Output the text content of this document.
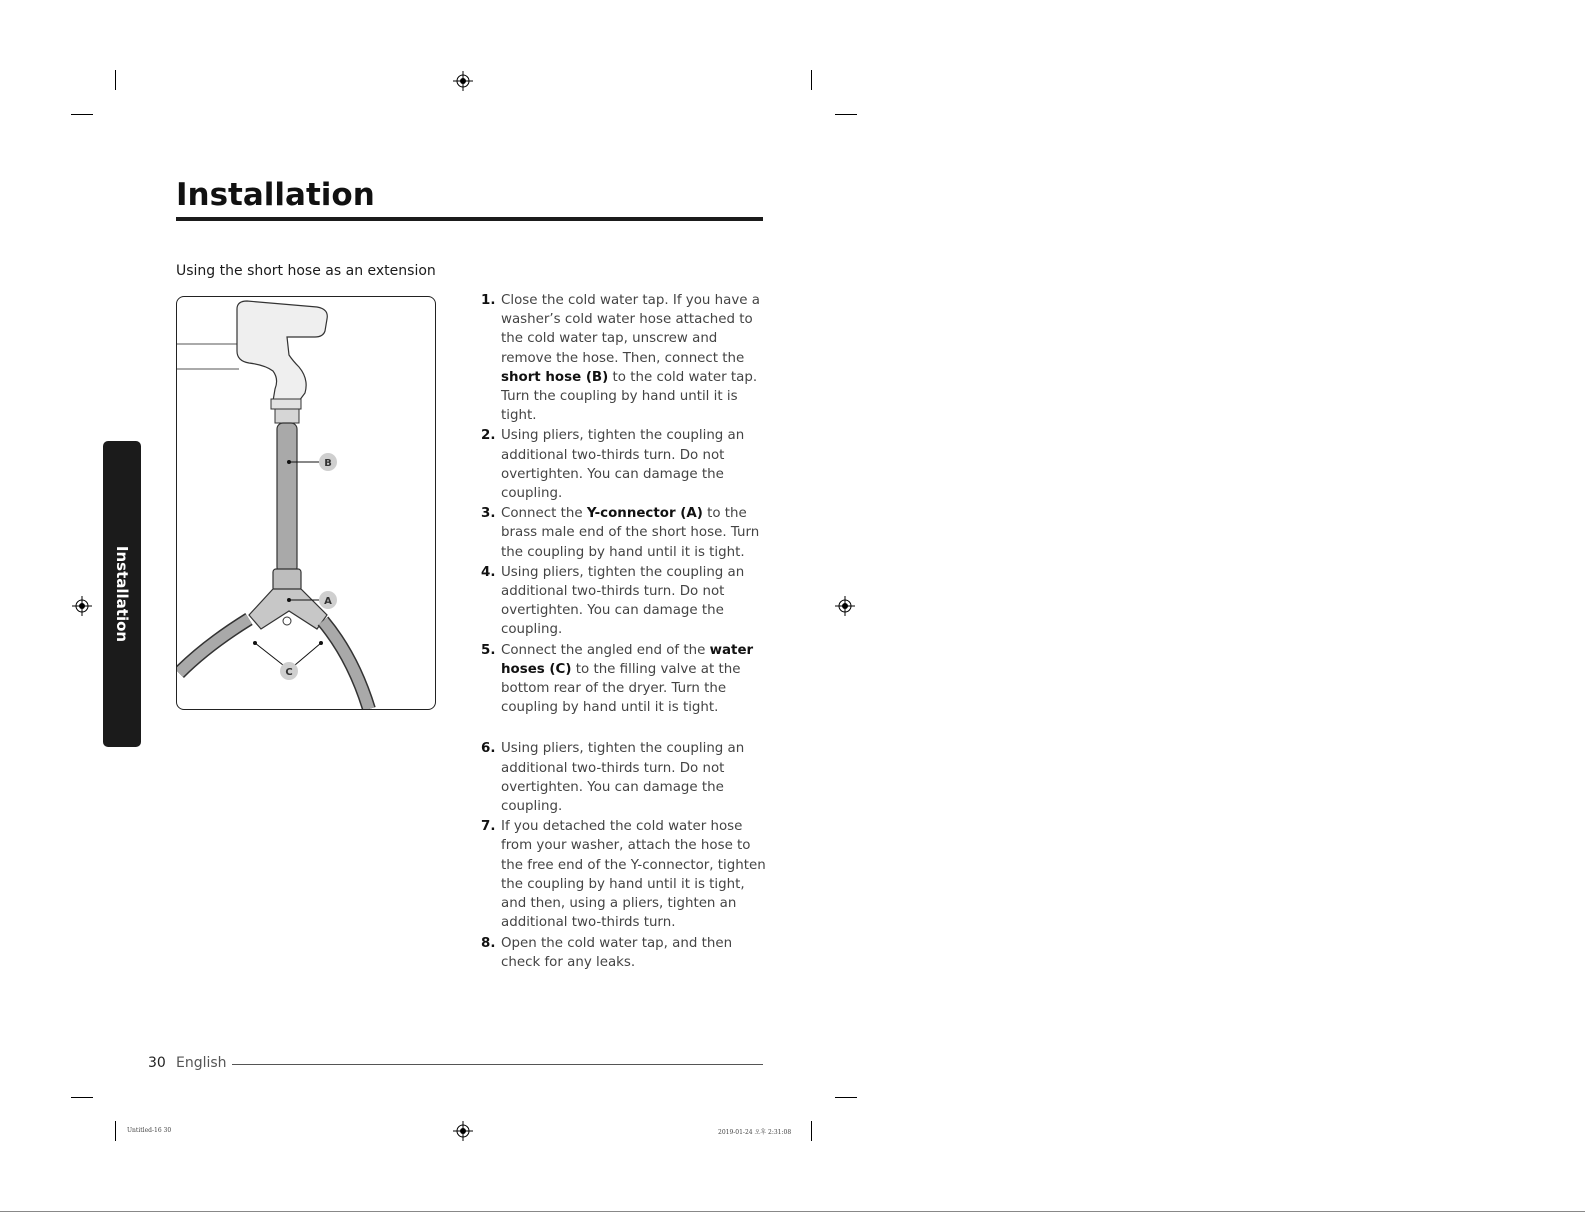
Installation
Using the short hose as an extension
Installation
B
A
C
1. Close the cold water tap. If you have a washer’s cold water hose attached to the cold water tap, unscrew and remove the hose. Then, connect the short hose (B) to the cold water tap. Turn the coupling by hand until it is tight.
2. Using pliers, tighten the coupling an additional two-thirds turn. Do not overtighten. You can damage the coupling.
3. Connect the Y-connector (A) to the brass male end of the short hose. Turn the coupling by hand until it is tight.
4. Using pliers, tighten the coupling an additional two-thirds turn. Do not overtighten. You can damage the coupling.
5. Connect the angled end of the water hoses (C) to the filling valve at the bottom rear of the dryer. Turn the coupling by hand until it is tight.
6. Using pliers, tighten the coupling an additional two-thirds turn. Do not overtighten. You can damage the coupling.
7. If you detached the cold water hose from your washer, attach the hose to the free end of the Y-connector, tighten the coupling by hand until it is tight, and then, using a pliers, tighten an additional two-thirds turn.
8. Open the cold water tap, and then check for any leaks.
30 English
Untitled-16 30	2019-01-24 오후 2:31:08
